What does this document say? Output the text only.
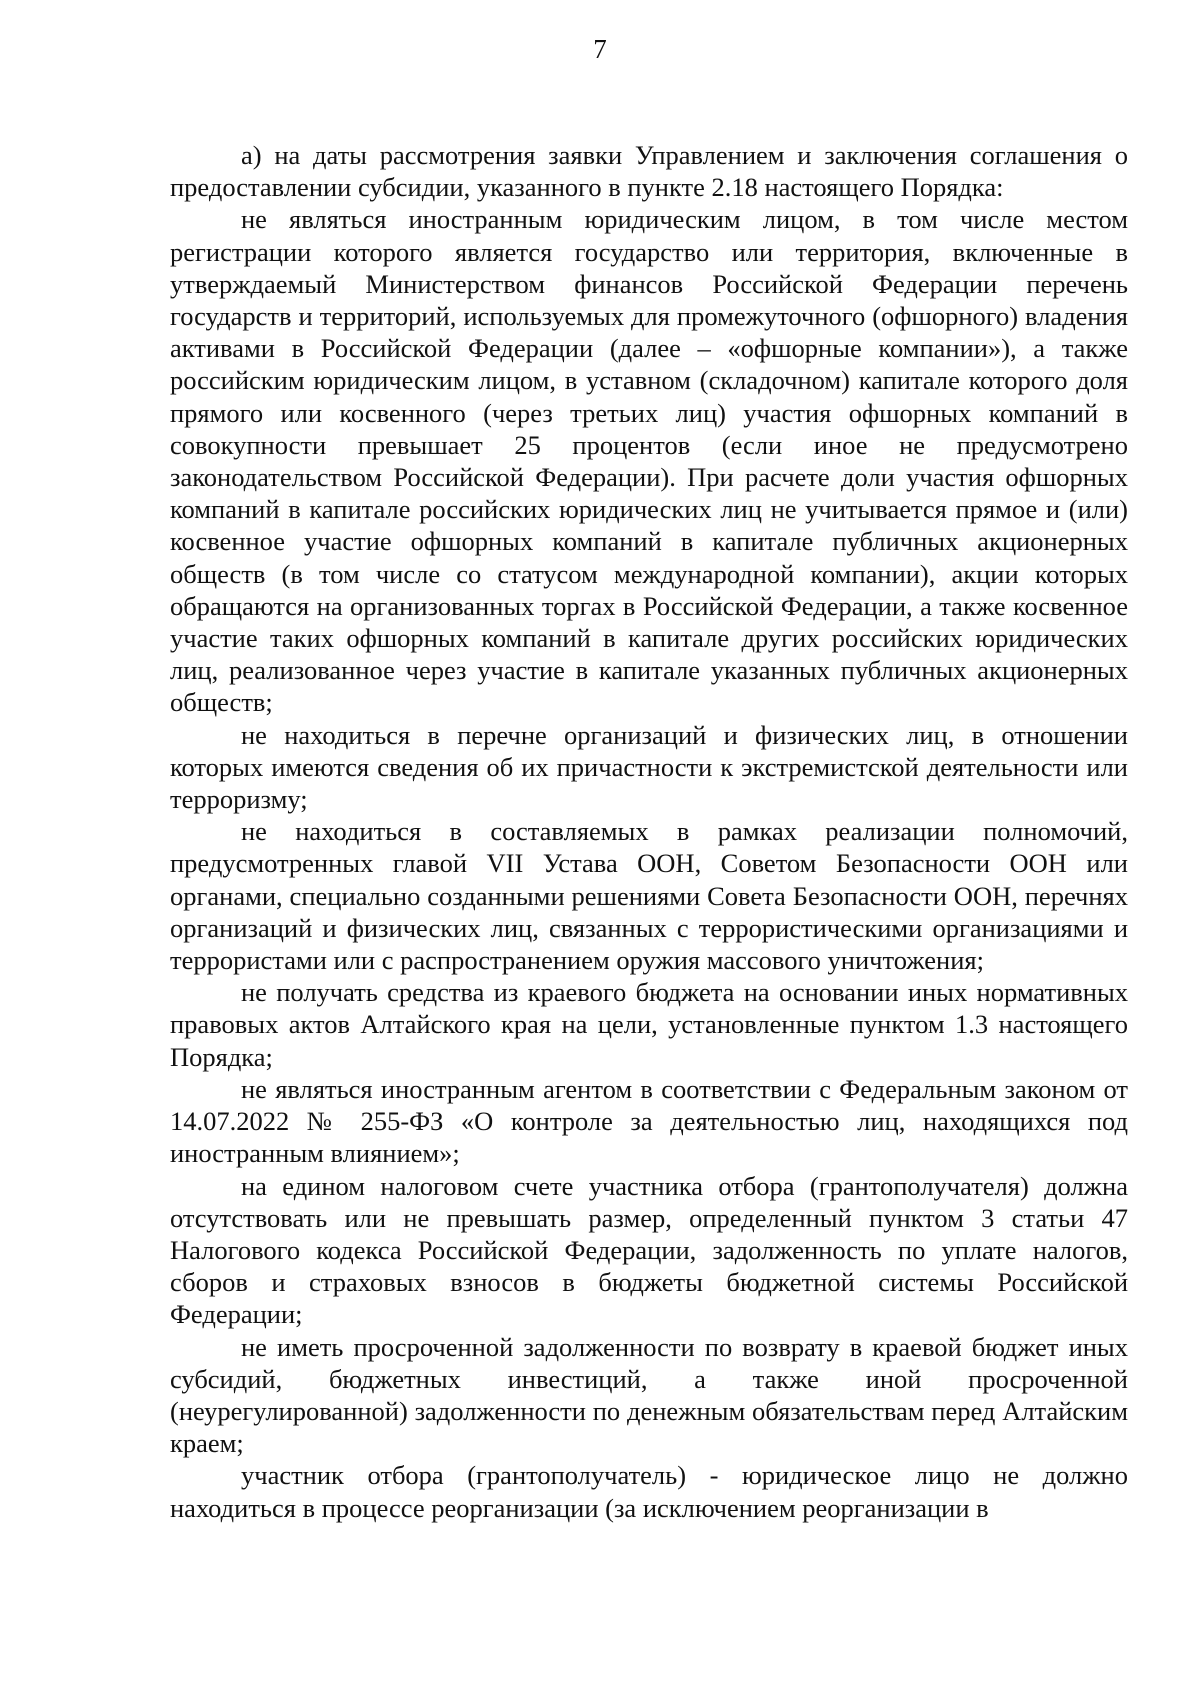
7

а) на даты рассмотрения заявки Управлением и заключения соглашения о предоставлении субсидии, указанного в пункте 2.18 настоящего Порядка:

не являться иностранным юридическим лицом, в том числе местом регистрации которого является государство или территория, включенные в утверждаемый Министерством финансов Российской Федерации перечень государств и территорий, используемых для промежуточного (офшорного) владения активами в Российской Федерации (далее – «офшорные компании»), а также российским юридическим лицом, в уставном (складочном) капитале которого доля прямого или косвенного (через третьих лиц) участия офшорных компаний в совокупности превышает 25 процентов (если иное не предусмотрено законодательством Российской Федерации). При расчете доли участия офшорных компаний в капитале российских юридических лиц не учитывается прямое и (или) косвенное участие офшорных компаний в капитале публичных акционерных обществ (в том числе со статусом международной компании), акции которых обращаются на организованных торгах в Российской Федерации, а также косвенное участие таких офшорных компаний в капитале других российских юридических лиц, реализованное через участие в капитале указанных публичных акционерных обществ;

не находиться в перечне организаций и физических лиц, в отношении которых имеются сведения об их причастности к экстремистской деятельности или терроризму;

не находиться в составляемых в рамках реализации полномочий, предусмотренных главой VII Устава ООН, Советом Безопасности ООН или органами, специально созданными решениями Совета Безопасности ООН, перечнях организаций и физических лиц, связанных с террористическими организациями и террористами или с распространением оружия массового уничтожения;

не получать средства из краевого бюджета на основании иных нормативных правовых актов Алтайского края на цели, установленные пунктом 1.3 настоящего Порядка;

не являться иностранным агентом в соответствии с Федеральным законом от 14.07.2022 № 255-ФЗ «О контроле за деятельностью лиц, находящихся под иностранным влиянием»;

на едином налоговом счете участника отбора (грантополучателя) должна отсутствовать или не превышать размер, определенный пунктом 3 статьи 47 Налогового кодекса Российской Федерации, задолженность по уплате налогов, сборов и страховых взносов в бюджеты бюджетной системы Российской Федерации;

не иметь просроченной задолженности по возврату в краевой бюджет иных субсидий, бюджетных инвестиций, а также иной просроченной (неурегулированной) задолженности по денежным обязательствам перед Алтайским краем;

участник отбора (грантополучатель) - юридическое лицо не должно находиться в процессе реорганизации (за исключением реорганизации в
